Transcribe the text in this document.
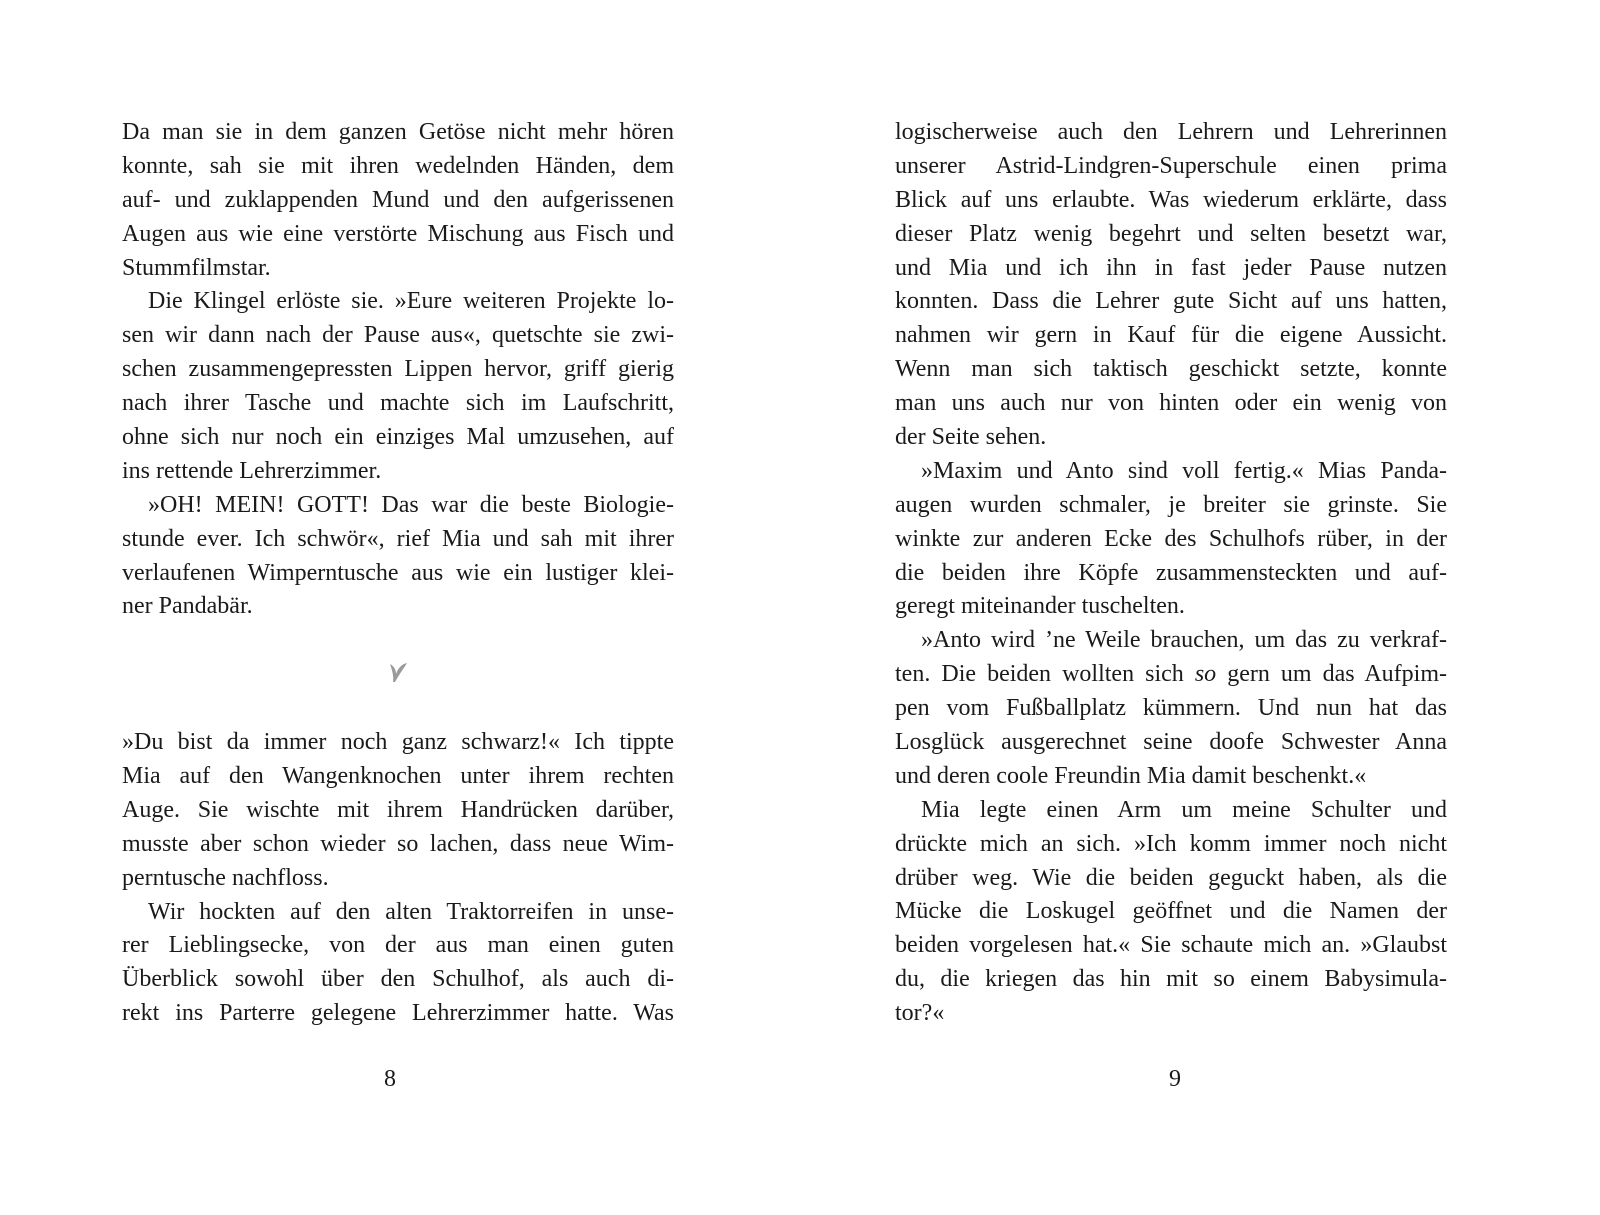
Da man sie in dem ganzen Getöse nicht mehr hören
konnte, sah sie mit ihren wedelnden Händen, dem
auf- und zuklappenden Mund und den aufgerissenen
Augen aus wie eine verstörte Mischung aus Fisch und
Stummfilmstar.
Die Klingel erlöste sie. »Eure weiteren Projekte lo-
sen wir dann nach der Pause aus«, quetschte sie zwi-
schen zusammengepressten Lippen hervor, griff gierig
nach ihrer Tasche und machte sich im Laufschritt,
ohne sich nur noch ein einziges Mal umzusehen, auf
ins rettende Lehrerzimmer.
»OH! MEIN! GOTT! Das war die beste Biologie-
stunde ever. Ich schwör«, rief Mia und sah mit ihrer
verlaufenen Wimperntusche aus wie ein lustiger klei-
ner Pandabär.
»Du bist da immer noch ganz schwarz!« Ich tippte
Mia auf den Wangenknochen unter ihrem rechten
Auge. Sie wischte mit ihrem Handrücken darüber,
musste aber schon wieder so lachen, dass neue Wim-
perntusche nachfloss.
Wir hockten auf den alten Traktorreifen in unse-
rer Lieblingsecke, von der aus man einen guten
Überblick sowohl über den Schulhof, als auch di-
rekt ins Parterre gelegene Lehrerzimmer hatte. Was
logischerweise auch den Lehrern und Lehrerinnen
unserer Astrid-Lindgren-Superschule einen prima
Blick auf uns erlaubte. Was wiederum erklärte, dass
dieser Platz wenig begehrt und selten besetzt war,
und Mia und ich ihn in fast jeder Pause nutzen
konnten. Dass die Lehrer gute Sicht auf uns hatten,
nahmen wir gern in Kauf für die eigene Aussicht.
Wenn man sich taktisch geschickt setzte, konnte
man uns auch nur von hinten oder ein wenig von
der Seite sehen.
»Maxim und Anto sind voll fertig.« Mias Panda-
augen wurden schmaler, je breiter sie grinste. Sie
winkte zur anderen Ecke des Schulhofs rüber, in der
die beiden ihre Köpfe zusammensteckten und auf-
geregt miteinander tuschelten.
»Anto wird ’ne Weile brauchen, um das zu verkraf-
ten. Die beiden wollten sich so gern um das Aufpim-
pen vom Fußballplatz kümmern. Und nun hat das
Losglück ausgerechnet seine doofe Schwester Anna
und deren coole Freundin Mia damit beschenkt.«
Mia legte einen Arm um meine Schulter und
drückte mich an sich. »Ich komm immer noch nicht
drüber weg. Wie die beiden geguckt haben, als die
Mücke die Loskugel geöffnet und die Namen der
beiden vorgelesen hat.« Sie schaute mich an. »Glaubst
du, die kriegen das hin mit so einem Babysimula-
tor?«
8	9
